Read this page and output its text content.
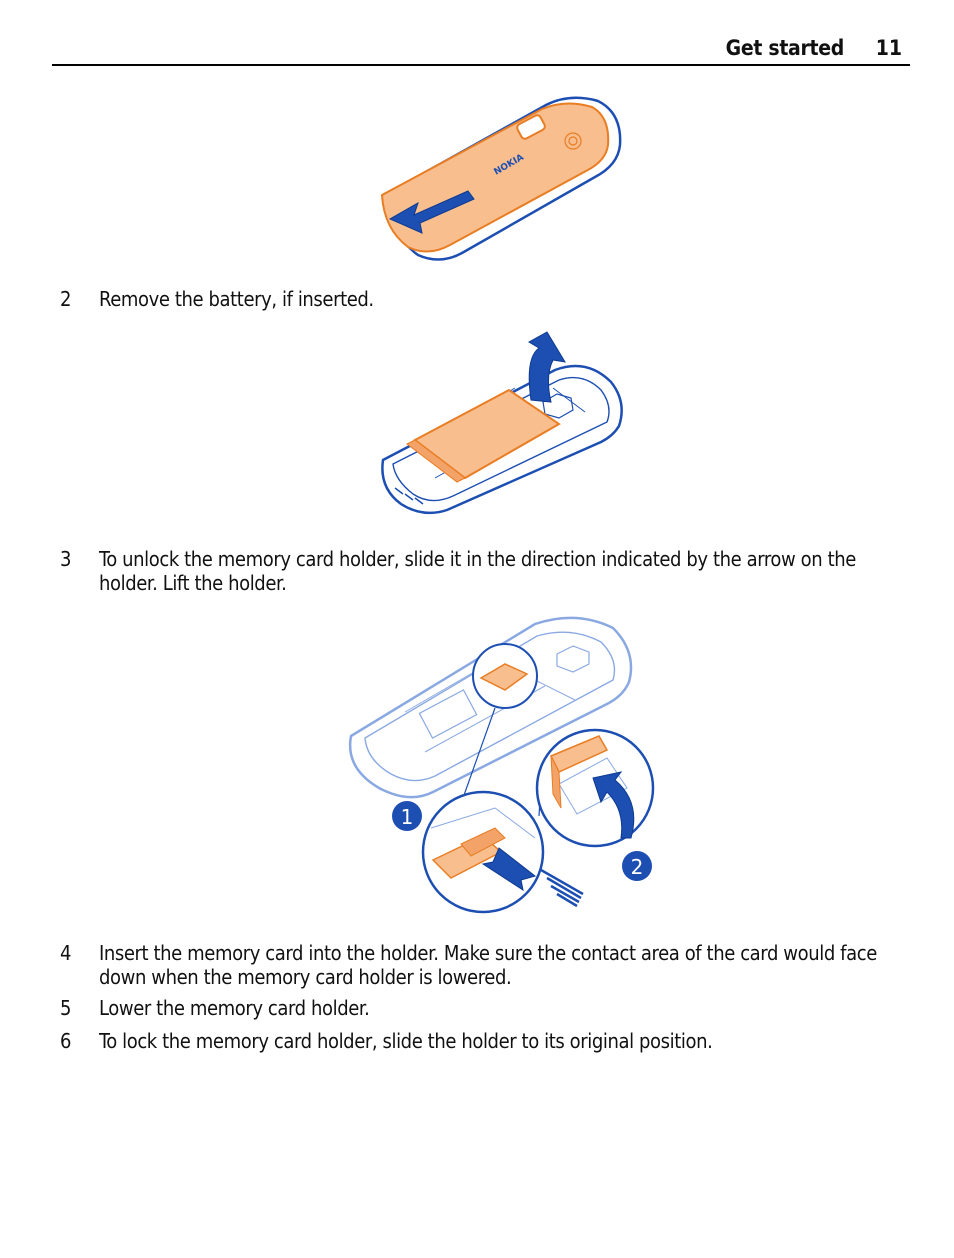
Get started 11
NOKIA
2	Remove the battery, if inserted.
3	To unlock the memory card holder, slide it in the direction indicated by the arrow on the holder. Lift the holder.
1
2
4	Insert the memory card into the holder. Make sure the contact area of the card would face down when the memory card holder is lowered.
5	Lower the memory card holder.
6	To lock the memory card holder, slide the holder to its original position.
